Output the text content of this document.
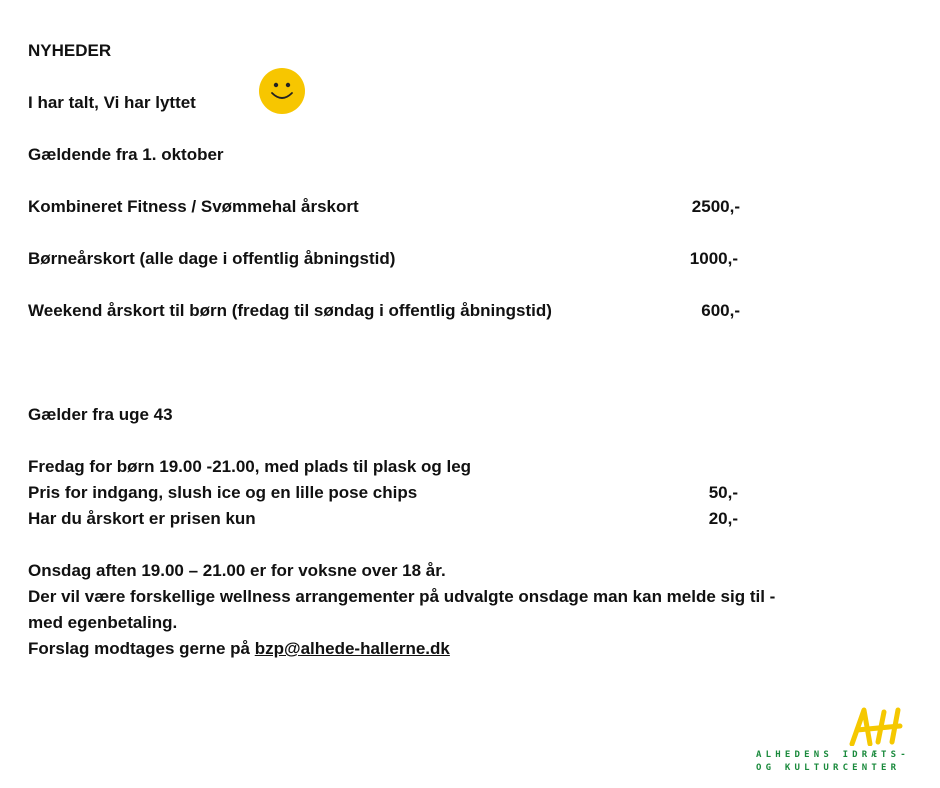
NYHEDER
I har talt, Vi har lyttet
Gældende fra 1. oktober
Kombineret Fitness / Svømmehal årskort	2500,-
Børneårskort (alle dage i offentlig åbningstid)	1000,-
Weekend årskort til børn (fredag til søndag i offentlig åbningstid)	600,-
Gælder fra uge 43
Fredag for børn 19.00 -21.00, med plads til plask og leg
Pris for indgang, slush ice og en lille pose chips	50,-
Har du årskort er prisen kun	20,-
Onsdag aften 19.00 – 21.00 er for voksne over 18 år.
Der vil være forskellige wellness arrangementer på udvalgte onsdage man kan melde sig til -
med egenbetaling.
Forslag modtages gerne på bzp@alhede-hallerne.dk
ALHEDENS IDRÆTS-
OG KULTURCENTER
